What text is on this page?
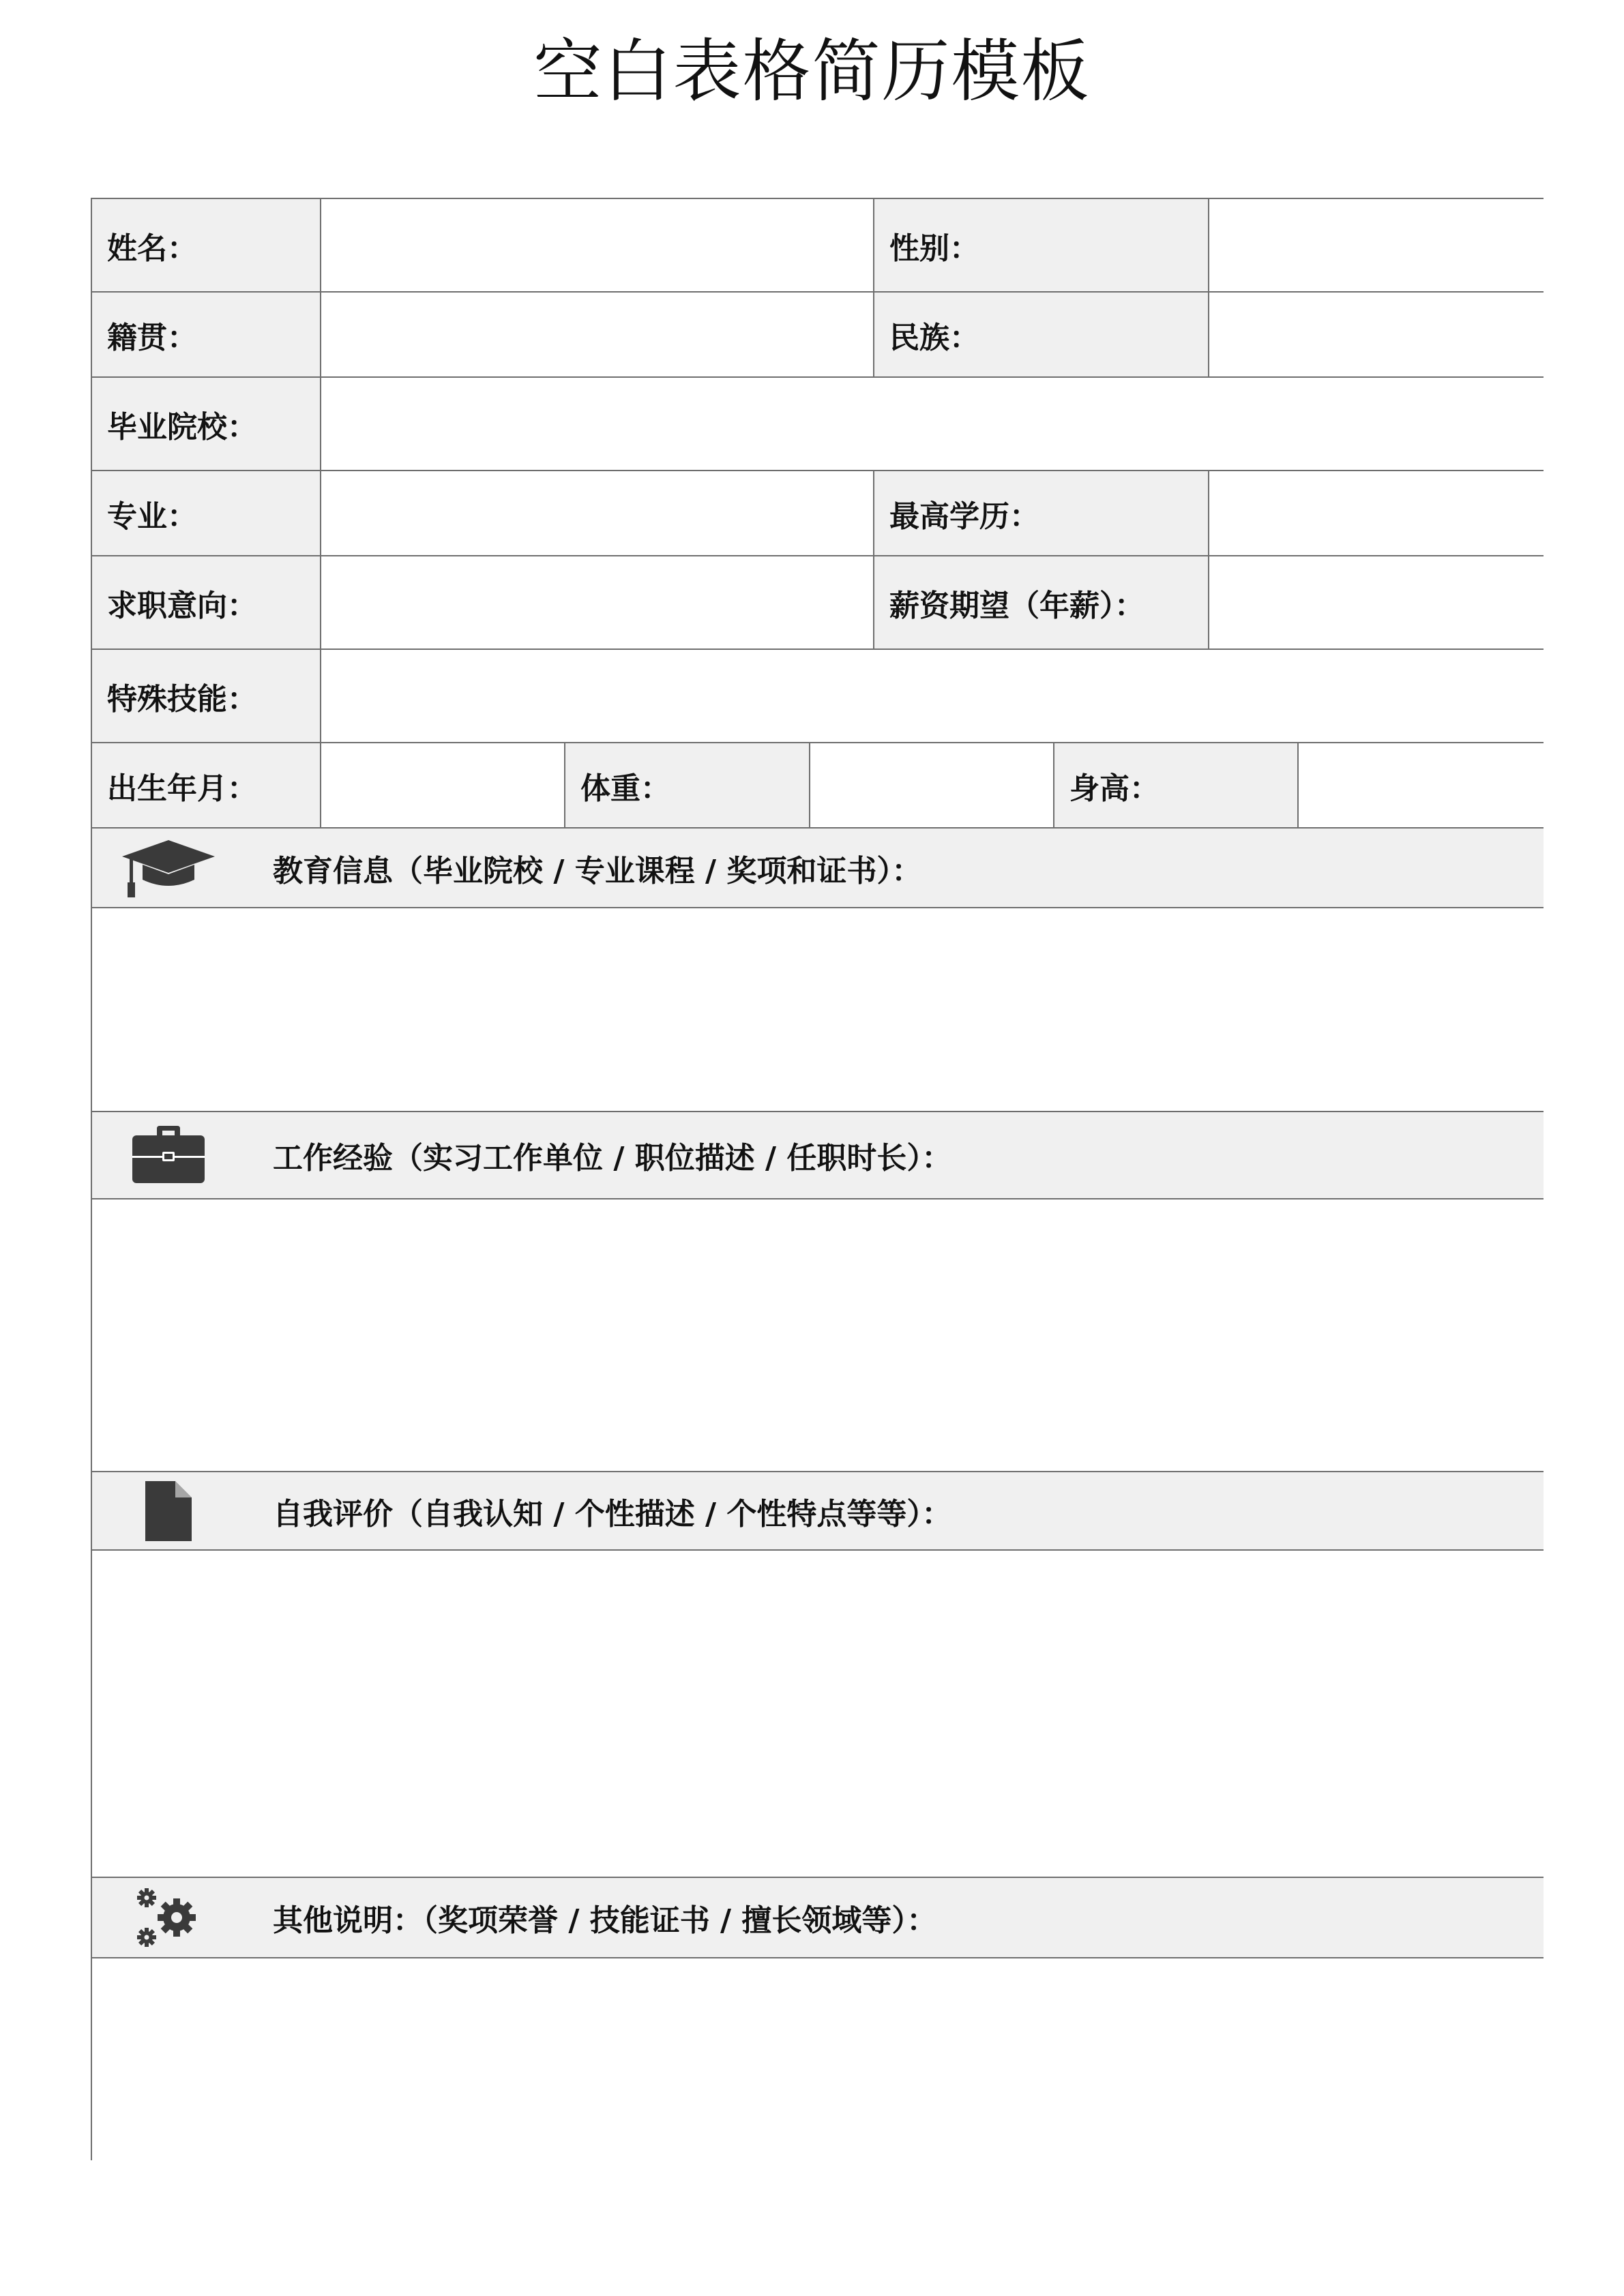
空白表格简历模板
姓名：	性别：
籍贯：	民族：
毕业院校：
专业：	最高学历：
求职意向：	薪资期望（年薪）：
特殊技能：
出生年月：	体重：	身高：
教育信息（毕业院校 / 专业课程 / 奖项和证书）：
工作经验（实习工作单位 / 职位描述 / 任职时长）：
自我评价（自我认知 / 个性描述 / 个性特点等等）：
其他说明：（奖项荣誉 / 技能证书 / 擅长领域等）：
